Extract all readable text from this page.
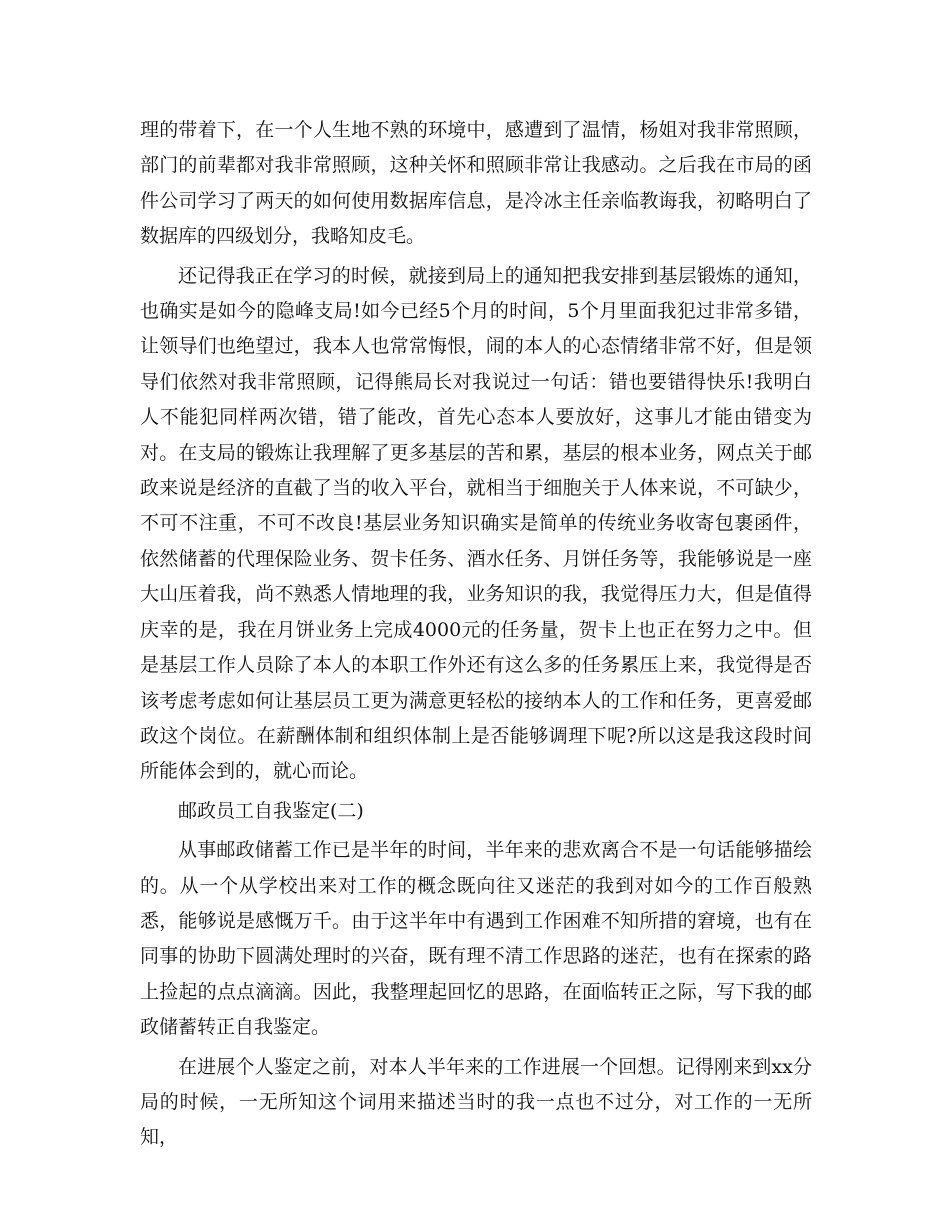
理的带着下，在一个人生地不熟的环境中，感遭到了温情，杨姐对我非常照顾，部门的前辈都对我非常照顾，这种关怀和照顾非常让我感动。之后我在市局的函件公司学习了两天的如何使用数据库信息，是冷冰主任亲临教诲我，初略明白了数据库的四级划分，我略知皮毛。

还记得我正在学习的时候，就接到局上的通知把我安排到基层锻炼的通知，也确实是如今的隐峰支局!如今已经5个月的时间，5个月里面我犯过非常多错，让领导们也绝望过，我本人也常常悔恨，闹的本人的心态情绪非常不好，但是领导们依然对我非常照顾，记得熊局长对我说过一句话：错也要错得快乐!我明白人不能犯同样两次错，错了能改，首先心态本人要放好，这事儿才能由错变为对。在支局的锻炼让我理解了更多基层的苦和累，基层的根本业务，网点关于邮政来说是经济的直截了当的收入平台，就相当于细胞关于人体来说，不可缺少，不可不注重，不可不改良!基层业务知识确实是简单的传统业务收寄包裹函件，依然储蓄的代理保险业务、贺卡任务、酒水任务、月饼任务等，我能够说是一座大山压着我，尚不熟悉人情地理的我，业务知识的我，我觉得压力大，但是值得庆幸的是，我在月饼业务上完成4000元的任务量，贺卡上也正在努力之中。但是基层工作人员除了本人的本职工作外还有这么多的任务累压上来，我觉得是否该考虑考虑如何让基层员工更为满意更轻松的接纳本人的工作和任务，更喜爱邮政这个岗位。在薪酬体制和组织体制上是否能够调理下呢?所以这是我这段时间所能体会到的，就心而论。

邮政员工自我鉴定(二)

从事邮政储蓄工作已是半年的时间，半年来的悲欢离合不是一句话能够描绘的。从一个从学校出来对工作的概念既向往又迷茫的我到对如今的工作百般熟悉，能够说是感慨万千。由于这半年中有遇到工作困难不知所措的窘境，也有在同事的协助下圆满处理时的兴奋，既有理不清工作思路的迷茫，也有在探索的路上捡起的点点滴滴。因此，我整理起回忆的思路，在面临转正之际，写下我的邮政储蓄转正自我鉴定。

在进展个人鉴定之前，对本人半年来的工作进展一个回想。记得刚来到xx分局的时候，一无所知这个词用来描述当时的我一点也不过分，对工作的一无所知，
